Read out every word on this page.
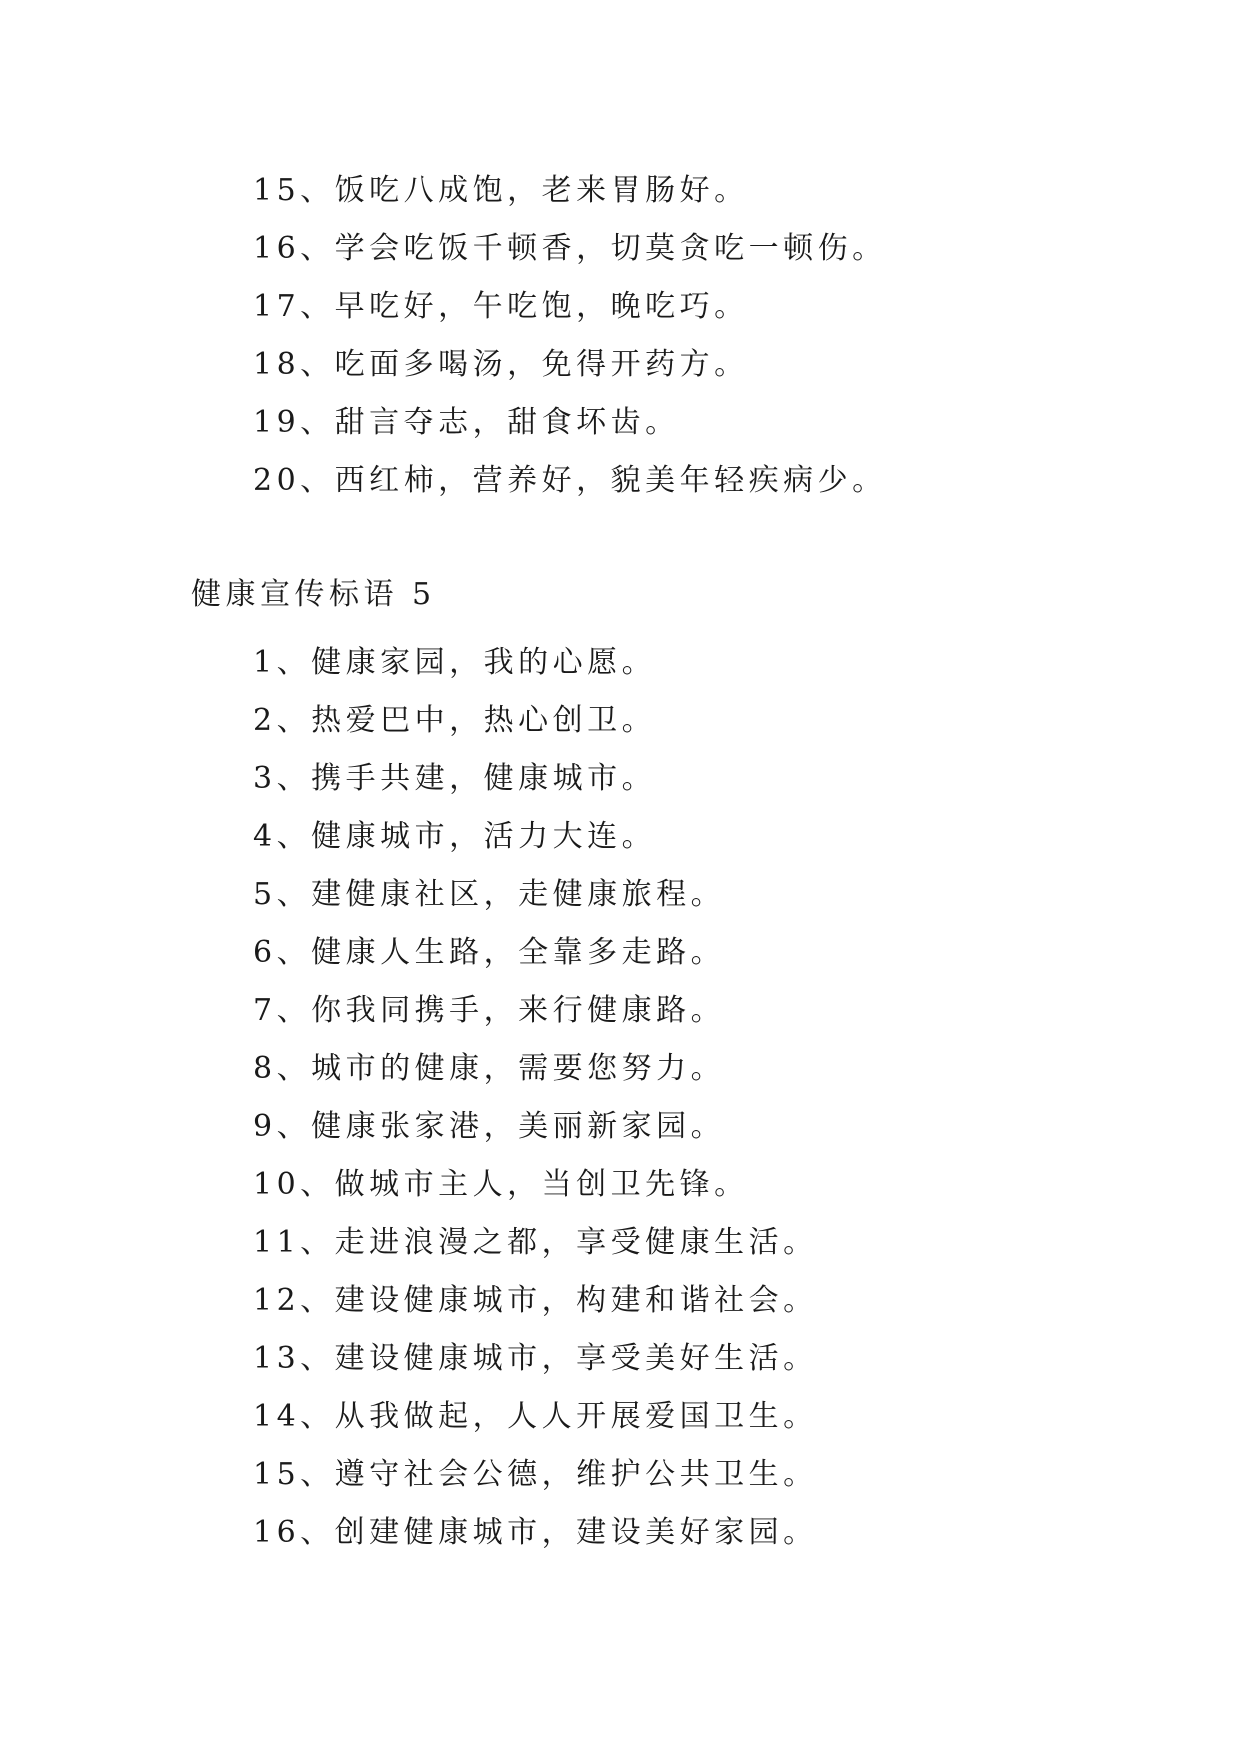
15、饭吃八成饱，老来胃肠好。
16、学会吃饭千顿香，切莫贪吃一顿伤。
17、早吃好，午吃饱，晚吃巧。
18、吃面多喝汤，免得开药方。
19、甜言夺志，甜食坏齿。
20、西红柿，营养好，貌美年轻疾病少。
健康宣传标语 5
1、健康家园，我的心愿。
2、热爱巴中，热心创卫。
3、携手共建，健康城市。
4、健康城市，活力大连。
5、建健康社区，走健康旅程。
6、健康人生路，全靠多走路。
7、你我同携手，来行健康路。
8、城市的健康，需要您努力。
9、健康张家港，美丽新家园。
10、做城市主人，当创卫先锋。
11、走进浪漫之都，享受健康生活。
12、建设健康城市，构建和谐社会。
13、建设健康城市，享受美好生活。
14、从我做起，人人开展爱国卫生。
15、遵守社会公德，维护公共卫生。
16、创建健康城市，建设美好家园。
